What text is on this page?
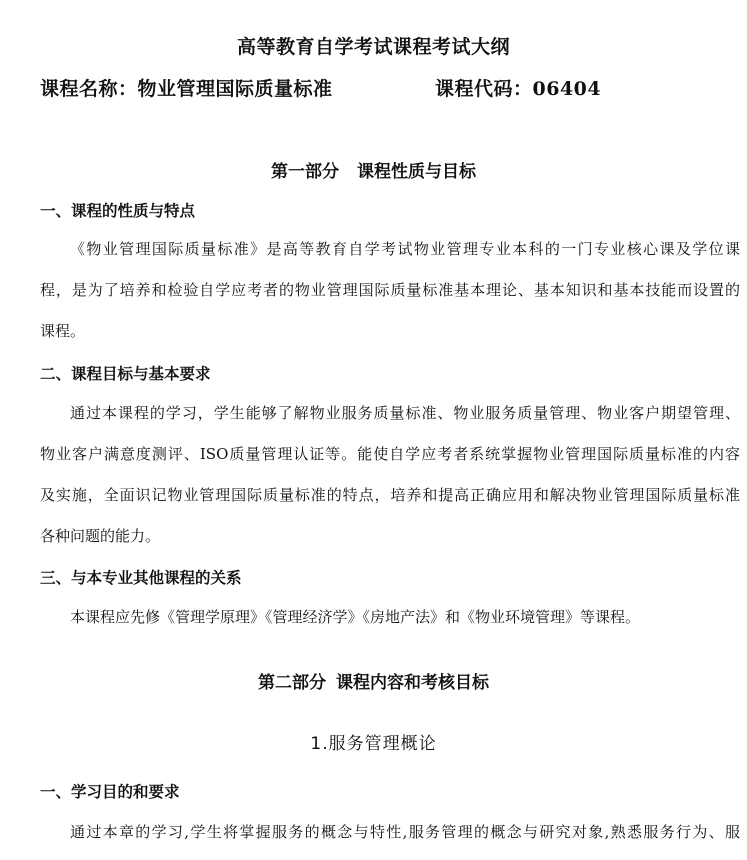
高等教育自学考试课程考试大纲
课程名称：物业管理国际质量标准	课程代码：06404
第一部分 课程性质与目标
一、课程的性质与特点
《物业管理国际质量标准》是高等教育自学考试物业管理专业本科的一门专业核心课及学位课
程，是为了培养和检验自学应考者的物业管理国际质量标准基本理论、基本知识和基本技能而设置的
课程。
二、课程目标与基本要求
通过本课程的学习，学生能够了解物业服务质量标准、物业服务质量管理、物业客户期望管理、
物业客户满意度测评、ISO质量管理认证等。能使自学应考者系统掌握物业管理国际质量标准的内容
及实施，全面识记物业管理国际质量标准的特点，培养和提高正确应用和解决物业管理国际质量标准
各种问题的能力。
三、与本专业其他课程的关系
本课程应先修《管理学原理》《管理经济学》《房地产法》和《物业环境管理》等课程。
第二部分 课程内容和考核目标
1.服务管理概论
一、学习目的和要求
通过本章的学习,学生将掌握服务的概念与特性,服务管理的概念与研究对象,熟悉服务行为、服
